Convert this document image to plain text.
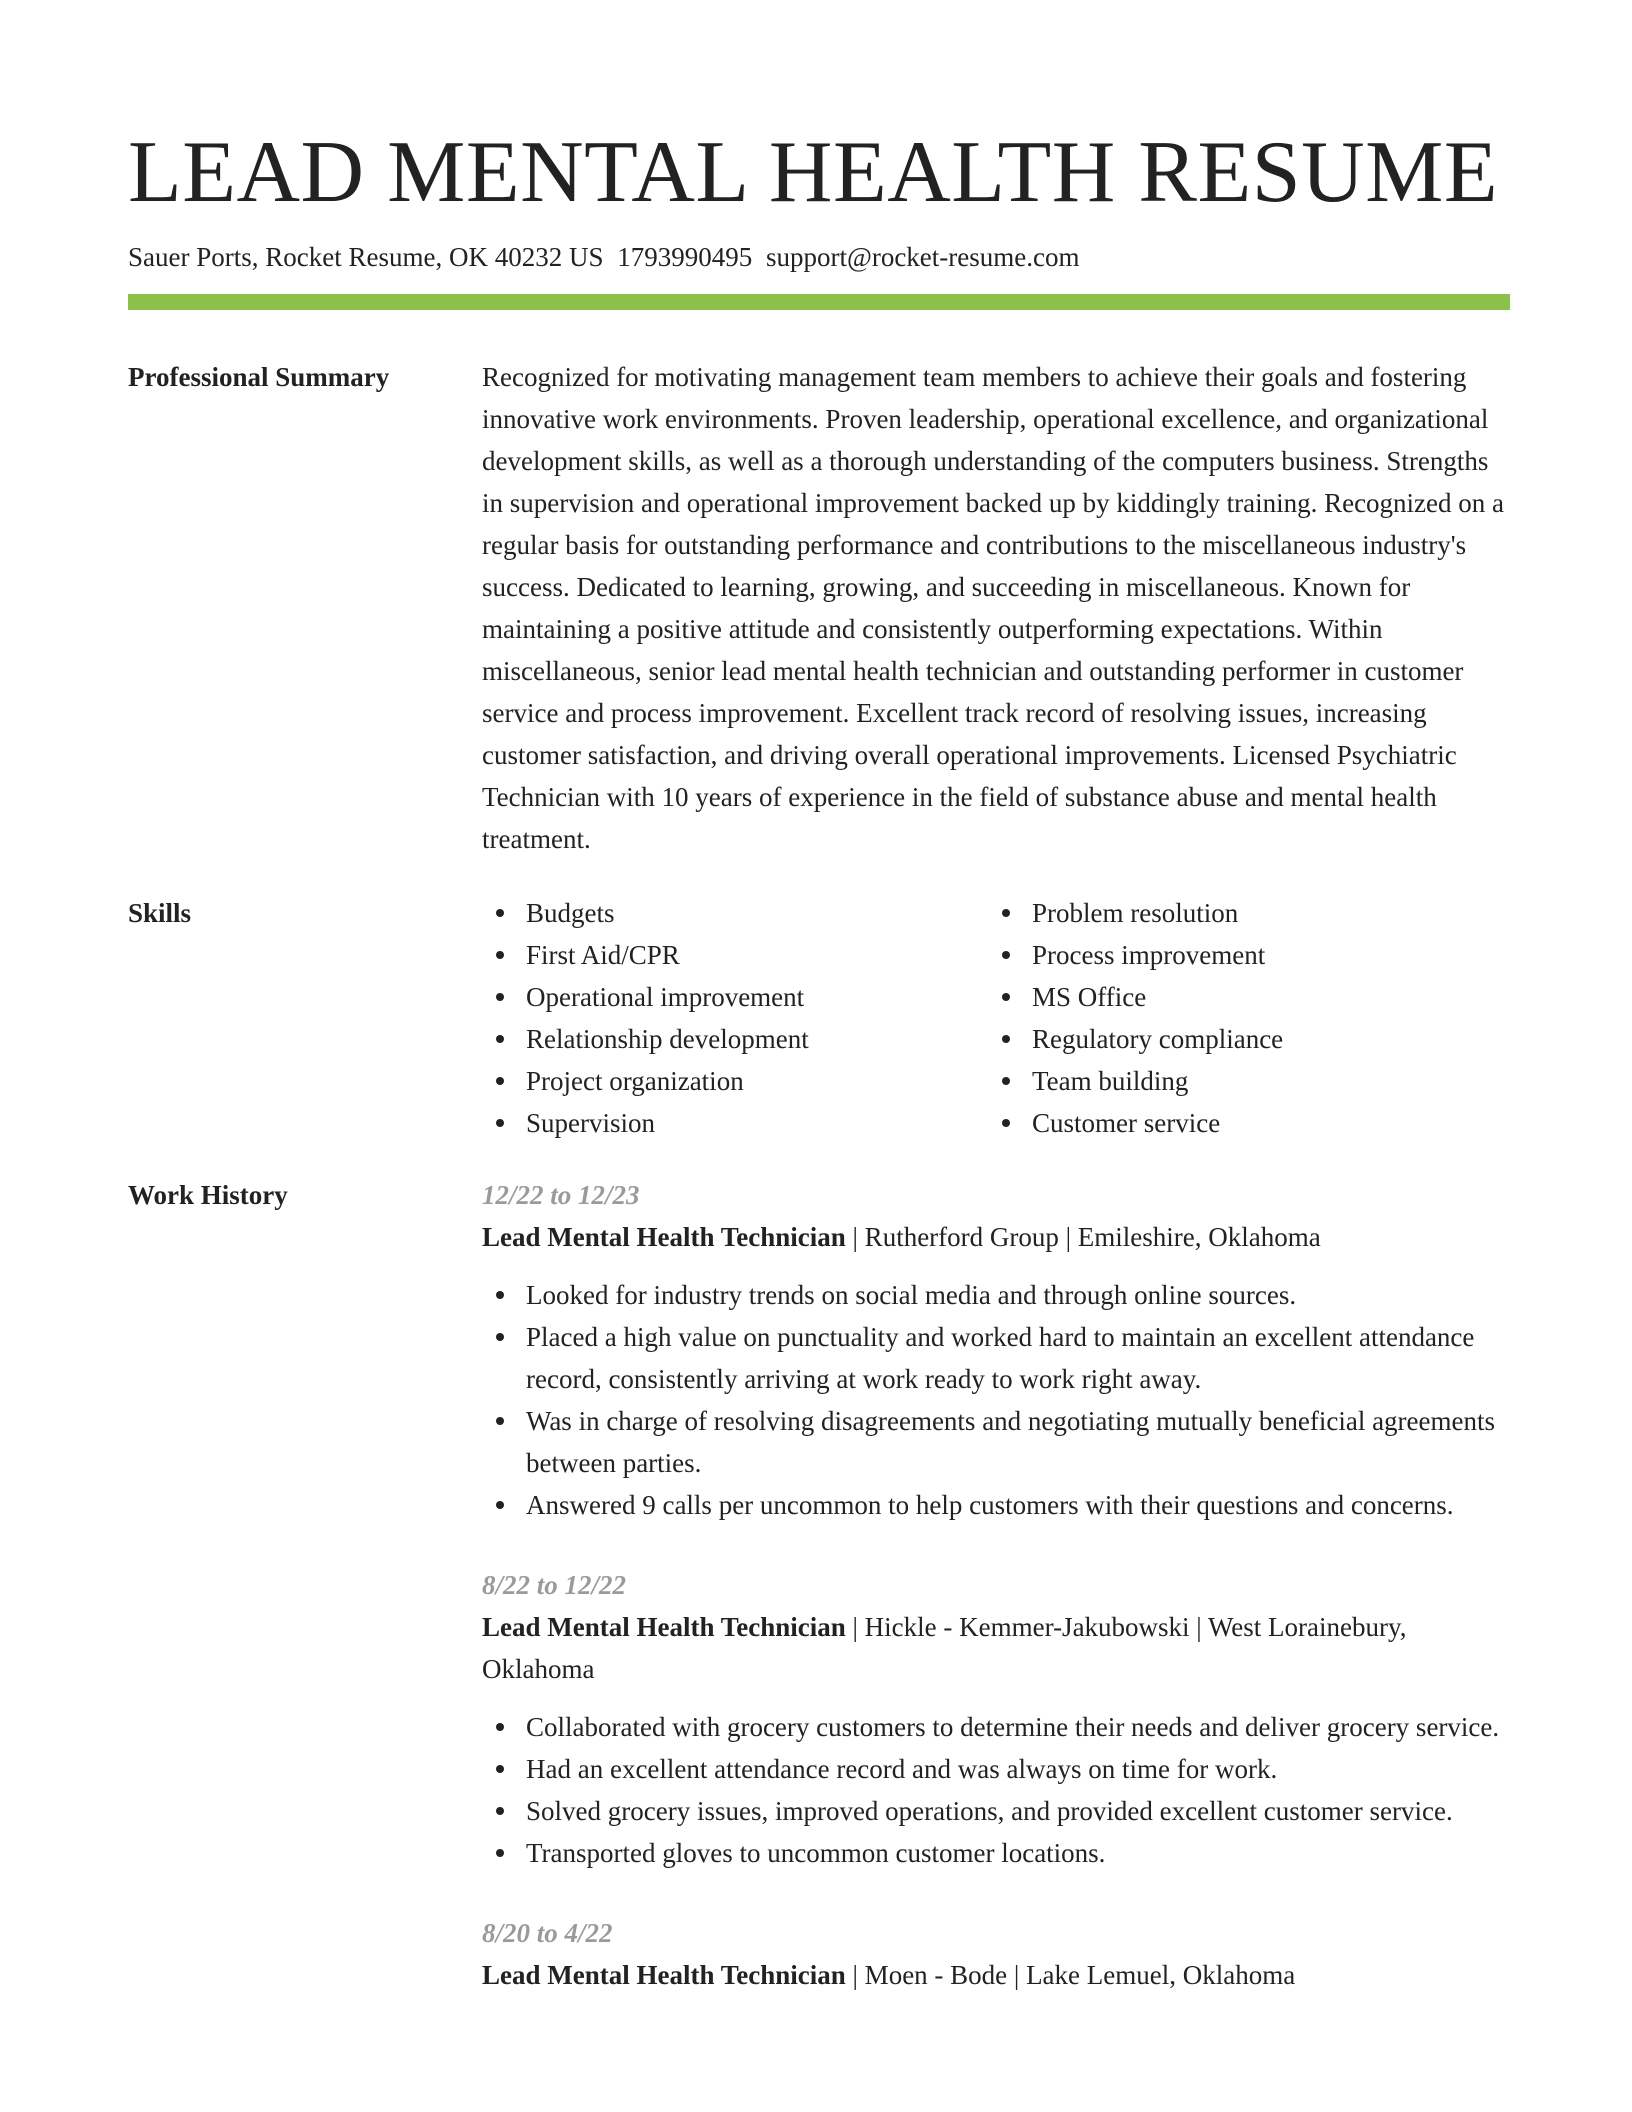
LEAD MENTAL HEALTH RESUME
Sauer Ports, Rocket Resume, OK 40232 US 1793990495 support@rocket-resume.com
Professional Summary	Recognized for motivating management team members to achieve their goals and fostering innovative work environments. Proven leadership, operational excellence, and organizational development skills, as well as a thorough understanding of the computers business. Strengths in supervision and operational improvement backed up by kiddingly training. Recognized on a regular basis for outstanding performance and contributions to the miscellaneous industry's success. Dedicated to learning, growing, and succeeding in miscellaneous. Known for maintaining a positive attitude and consistently outperforming expectations. Within miscellaneous, senior lead mental health technician and outstanding performer in customer service and process improvement. Excellent track record of resolving issues, increasing customer satisfaction, and driving overall operational improvements. Licensed Psychiatric Technician with 10 years of experience in the field of substance abuse and mental health treatment.
Skills	Budgets
First Aid/CPR
Operational improvement
Relationship development
Project organization
Supervision
Problem resolution
Process improvement
MS Office
Regulatory compliance
Team building
Customer service
Work History	12/22 to 12/23
Lead Mental Health Technician | Rutherford Group | Emileshire, Oklahoma
Looked for industry trends on social media and through online sources.
Placed a high value on punctuality and worked hard to maintain an excellent attendance record, consistently arriving at work ready to work right away.
Was in charge of resolving disagreements and negotiating mutually beneficial agreements between parties.
Answered 9 calls per uncommon to help customers with their questions and concerns.
8/22 to 12/22
Lead Mental Health Technician | Hickle - Kemmer-Jakubowski | West Lorainebury, Oklahoma
Collaborated with grocery customers to determine their needs and deliver grocery service.
Had an excellent attendance record and was always on time for work.
Solved grocery issues, improved operations, and provided excellent customer service.
Transported gloves to uncommon customer locations.
8/20 to 4/22
Lead Mental Health Technician | Moen - Bode | Lake Lemuel, Oklahoma
